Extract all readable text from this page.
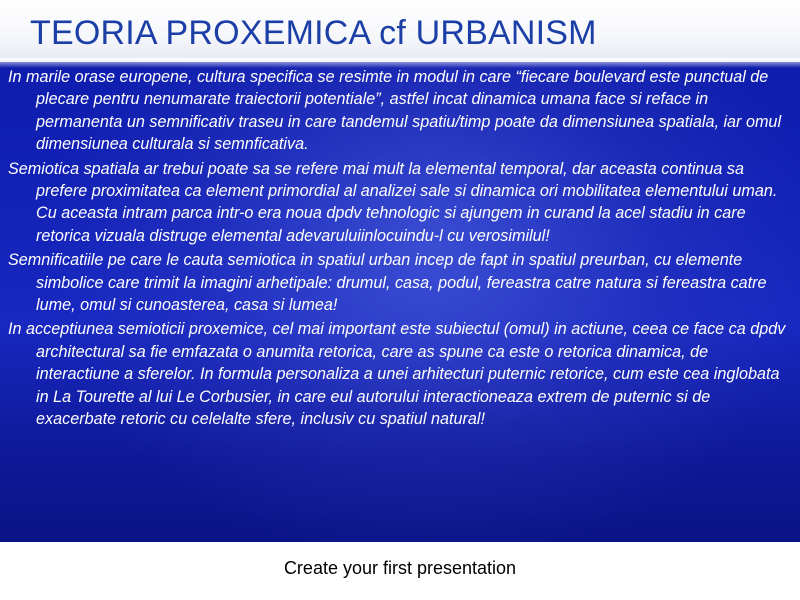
TEORIA PROXEMICA cf URBANISM
In marile orase europene, cultura specifica se resimte in modul in care “fiecare boulevard este punctual de plecare pentru nenumarate traiectorii potentiale”, astfel incat dinamica umana face si reface in permanenta un semnificativ traseu in care tandemul spatiu/timp poate da dimensiunea spatiala, iar omul dimensiunea culturala si semnficativa.
Semiotica spatiala ar trebui poate sa se refere mai mult la elemental temporal, dar aceasta continua sa prefere proximitatea ca element primordial al analizei sale si dinamica ori mobilitatea elementului uman. Cu aceasta intram parca intr-o era noua dpdv tehnologic si ajungem in curand la acel stadiu in care retorica vizuala distruge elemental adevaruluiinlocuindu-l cu verosimilul!
Semnificatiile pe care le cauta semiotica in spatiul urban incep de fapt in spatiul preurban, cu elemente simbolice care trimit la imagini arhetipale: drumul, casa, podul, fereastra catre natura si fereastra catre lume, omul si cunoasterea, casa si lumea!
In acceptiunea semioticii proxemice, cel mai important este subiectul (omul) in actiune, ceea ce face ca dpdv architectural sa fie emfazata o anumita retorica, care as spune ca este o retorica dinamica, de interactiune a sferelor. In formula personaliza a unei arhitecturi puternic retorice, cum este cea inglobata in La Tourette al lui Le Corbusier, in care eul autorului interactioneaza extrem de puternic si de exacerbate retoric cu celelalte sfere, inclusiv cu spatiul natural!
Create your first presentation
